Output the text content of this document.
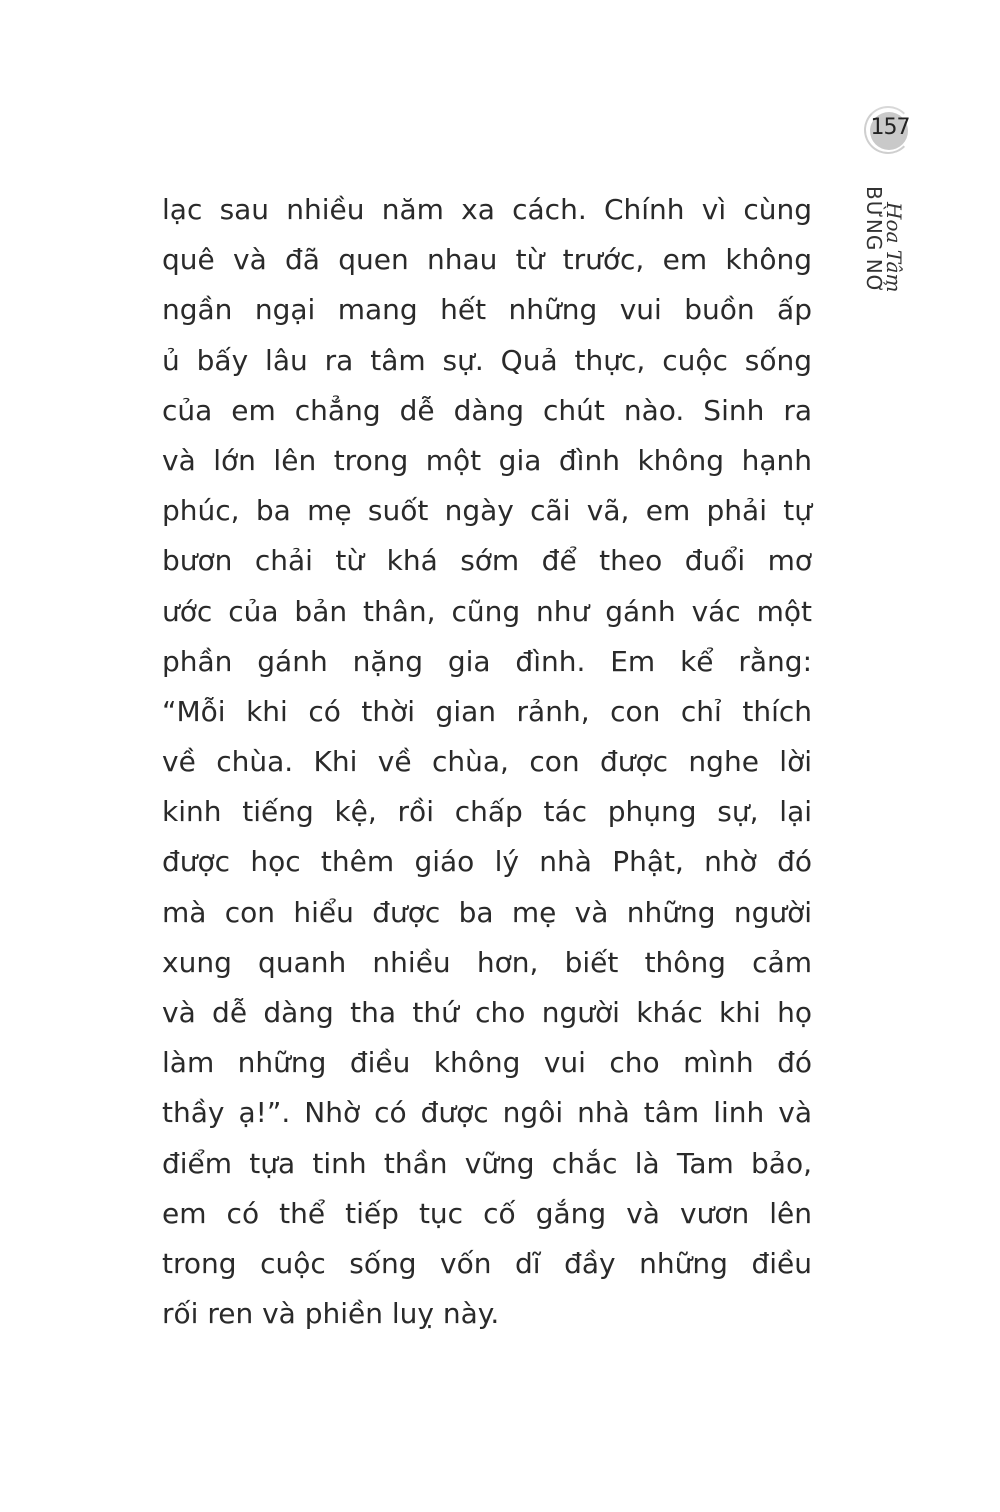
157
Hoa Tâm
BỪNG NỞ
lạc sau nhiều năm xa cách. Chính vì cùng
quê và đã quen nhau từ trước, em không
ngần ngại mang hết những vui buồn ấp
ủ bấy lâu ra tâm sự. Quả thực, cuộc sống
của em chẳng dễ dàng chút nào. Sinh ra
và lớn lên trong một gia đình không hạnh
phúc, ba mẹ suốt ngày cãi vã, em phải tự
bươn chải từ khá sớm để theo đuổi mơ
ước của bản thân, cũng như gánh vác một
phần gánh nặng gia đình. Em kể rằng:
“Mỗi khi có thời gian rảnh, con chỉ thích
về chùa. Khi về chùa, con được nghe lời
kinh tiếng kệ, rồi chấp tác phụng sự, lại
được học thêm giáo lý nhà Phật, nhờ đó
mà con hiểu được ba mẹ và những người
xung quanh nhiều hơn, biết thông cảm
và dễ dàng tha thứ cho người khác khi họ
làm những điều không vui cho mình đó
thầy ạ!”. Nhờ có được ngôi nhà tâm linh và
điểm tựa tinh thần vững chắc là Tam bảo,
em có thể tiếp tục cố gắng và vươn lên
trong cuộc sống vốn dĩ đầy những điều
rối ren và phiền luỵ này.
